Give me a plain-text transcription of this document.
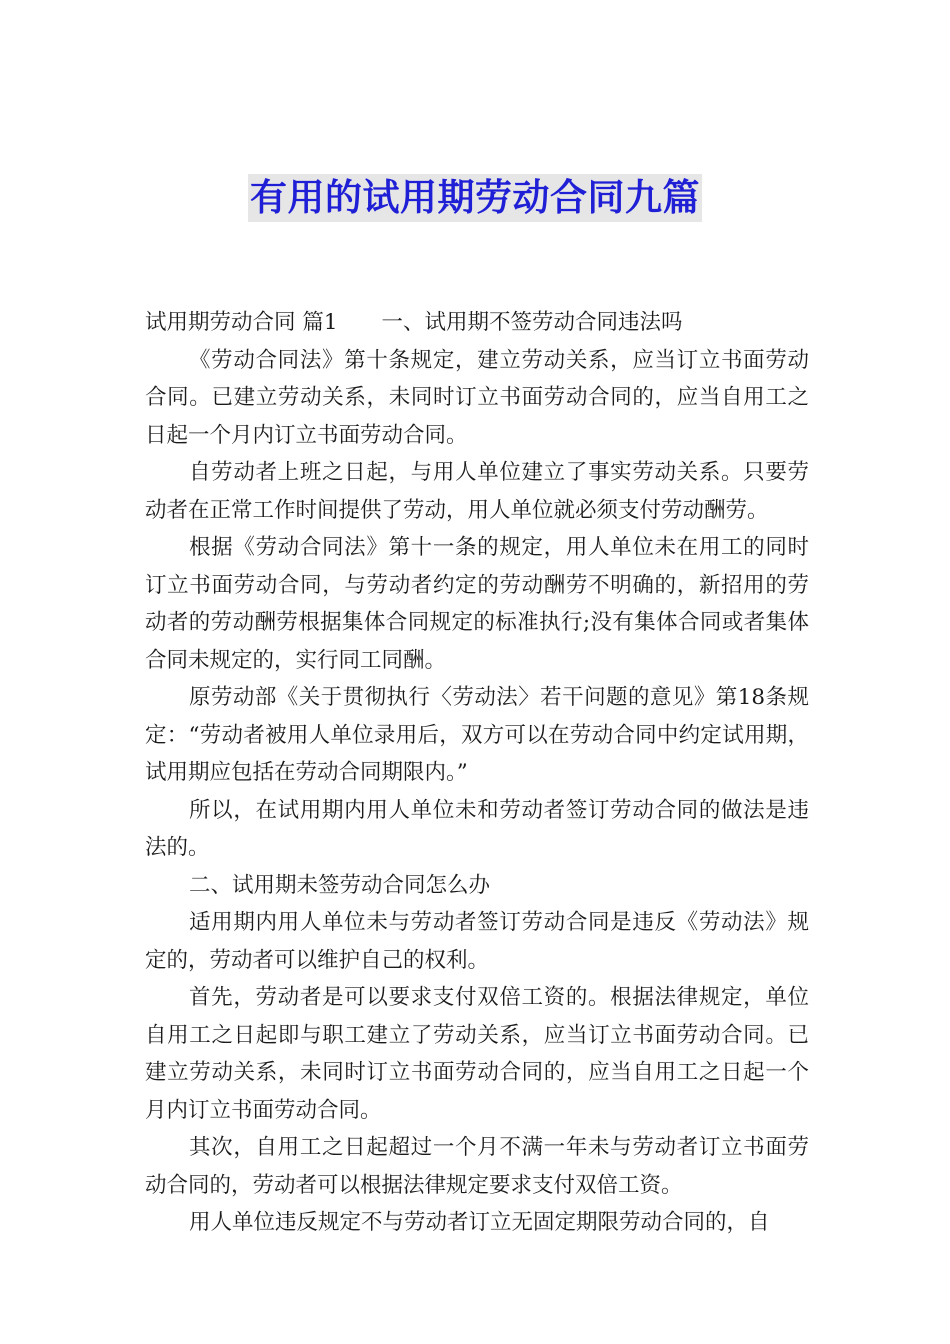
有用的试用期劳动合同九篇
试用期劳动合同 篇1 一、试用期不签劳动合同违法吗

《劳动合同法》第十条规定，建立劳动关系，应当订立书面劳动合同。已建立劳动关系，未同时订立书面劳动合同的，应当自用工之日起一个月内订立书面劳动合同。

自劳动者上班之日起，与用人单位建立了事实劳动关系。只要劳动者在正常工作时间提供了劳动，用人单位就必须支付劳动酬劳。

根据《劳动合同法》第十一条的规定，用人单位未在用工的同时订立书面劳动合同，与劳动者约定的劳动酬劳不明确的，新招用的劳动者的劳动酬劳根据集体合同规定的标准执行;没有集体合同或者集体合同未规定的，实行同工同酬。

原劳动部《关于贯彻执行〈劳动法〉若干问题的意见》第18条规定：“劳动者被用人单位录用后，双方可以在劳动合同中约定试用期，试用期应包括在劳动合同期限内。”

所以，在试用期内用人单位未和劳动者签订劳动合同的做法是违法的。

二、试用期未签劳动合同怎么办

适用期内用人单位未与劳动者签订劳动合同是违反《劳动法》规定的，劳动者可以维护自己的权利。

首先，劳动者是可以要求支付双倍工资的。根据法律规定，单位自用工之日起即与职工建立了劳动关系，应当订立书面劳动合同。已建立劳动关系，未同时订立书面劳动合同的，应当自用工之日起一个月内订立书面劳动合同。

其次，自用工之日起超过一个月不满一年未与劳动者订立书面劳动合同的，劳动者可以根据法律规定要求支付双倍工资。

用人单位违反规定不与劳动者订立无固定期限劳动合同的，自
